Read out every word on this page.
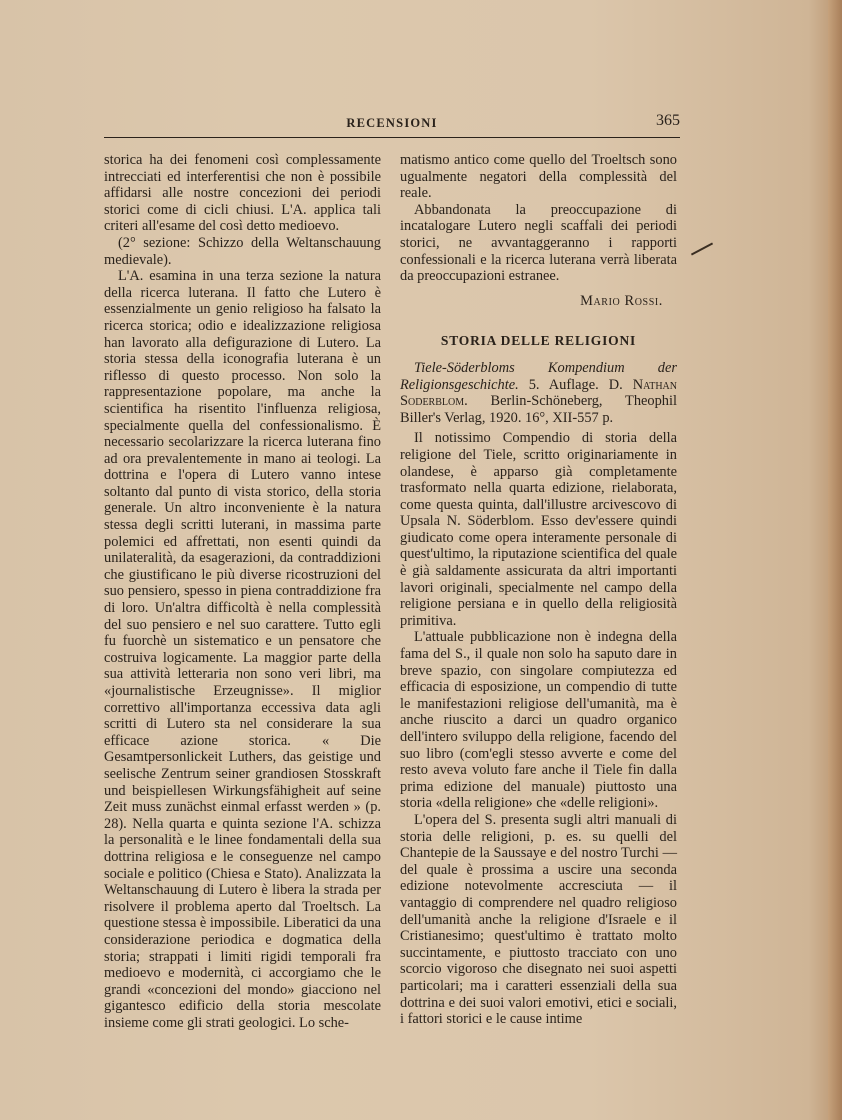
RECENSIONI	365

storica ha dei fenomeni così complessamente intrecciati ed interferentisi che non è possibile affidarsi alle nostre concezioni dei periodi storici come di cicli chiusi. L'A. applica tali criteri all'esame del così detto medioevo.

(2° sezione: Schizzo della Weltanschauung medievale).

L'A. esamina in una terza sezione la natura della ricerca luterana. Il fatto che Lutero è essenzialmente un genio religioso ha falsato la ricerca storica; odio e idealizzazione religiosa han lavorato alla defigurazione di Lutero. La storia stessa della iconografia luterana è un riflesso di questo processo. Non solo la rappresentazione popolare, ma anche la scientifica ha risentito l'influenza religiosa, specialmente quella del confessionalismo. È necessario secolarizzare la ricerca luterana fino ad ora prevalentemente in mano ai teologi. La dottrina e l'opera di Lutero vanno intese soltanto dal punto di vista storico, della storia generale. Un altro inconveniente è la natura stessa degli scritti luterani, in massima parte polemici ed affrettati, non esenti quindi da unilateralità, da esagerazioni, da contraddizioni che giustificano le più diverse ricostruzioni del suo pensiero, spesso in piena contraddizione fra di loro. Un'altra difficoltà è nella complessità del suo pensiero e nel suo carattere. Tutto egli fu fuorchè un sistematico e un pensatore che costruiva logicamente. La maggior parte della sua attività letteraria non sono veri libri, ma «journalistische Erzeugnisse». Il miglior correttivo all'importanza eccessiva data agli scritti di Lutero sta nel considerare la sua efficace azione storica. « Die Gesamtpersonlickeit Luthers, das geistige und seelische Zentrum seiner grandiosen Stosskraft und beispiellesen Wirkungsfähigheit auf seine Zeit muss zunächst einmal erfasst werden » (p. 28). Nella quarta e quinta sezione l'A. schizza la personalità e le linee fondamentali della sua dottrina religiosa e le conseguenze nel campo sociale e politico (Chiesa e Stato). Analizzata la Weltanschauung di Lutero è libera la strada per risolvere il problema aperto dal Troeltsch. La questione stessa è impossibile. Liberatici da una considerazione periodica e dogmatica della storia; strappati i limiti rigidi temporali fra medioevo e modernità, ci accorgiamo che le grandi «concezioni del mondo» giacciono nel gigantesco edificio della storia mescolate insieme come gli strati geologici. Lo sche-

matismo antico come quello del Troeltsch sono ugualmente negatori della complessità del reale.

Abbandonata la preoccupazione di incatalogare Lutero negli scaffali dei periodi storici, ne avvantaggeranno i rapporti confessionali e la ricerca luterana verrà liberata da preoccupazioni estranee.

Mario Rossi.
STORIA DELLE RELIGIONI

Tiele-Söderbloms Kompendium der Religionsgeschichte. 5. Auflage. D. Nathan Soderblom. Berlin-Schöneberg, Theophil Biller's Verlag, 1920. 16°, XII-557 p.

Il notissimo Compendio di storia della religione del Tiele, scritto originariamente in olandese, è apparso già completamente trasformato nella quarta edizione, rielaborata, come questa quinta, dall'illustre arcivescovo di Upsala N. Söderblom. Esso dev'essere quindi giudicato come opera interamente personale di quest'ultimo, la riputazione scientifica del quale è già saldamente assicurata da altri importanti lavori originali, specialmente nel campo della religione persiana e in quello della religiosità primitiva.

L'attuale pubblicazione non è indegna della fama del S., il quale non solo ha saputo dare in breve spazio, con singolare compiutezza ed efficacia di esposizione, un compendio di tutte le manifestazioni religiose dell'umanità, ma è anche riuscito a darci un quadro organico dell'intero sviluppo della religione, facendo del suo libro (com'egli stesso avverte e come del resto aveva voluto fare anche il Tiele fin dalla prima edizione del manuale) piuttosto una storia «della religione» che «delle religioni».

L'opera del S. presenta sugli altri manuali di storia delle religioni, p. es. su quelli del Chantepie de la Saussaye e del nostro Turchi — del quale è prossima a uscire una seconda edizione notevolmente accresciuta — il vantaggio di comprendere nel quadro religioso dell'umanità anche la religione d'Israele e il Cristianesimo; quest'ultimo è trattato molto succintamente, e piuttosto tracciato con uno scorcio vigoroso che disegnato nei suoi aspetti particolari; ma i caratteri essenziali della sua dottrina e dei suoi valori emotivi, etici e sociali, i fattori storici e le cause intime
